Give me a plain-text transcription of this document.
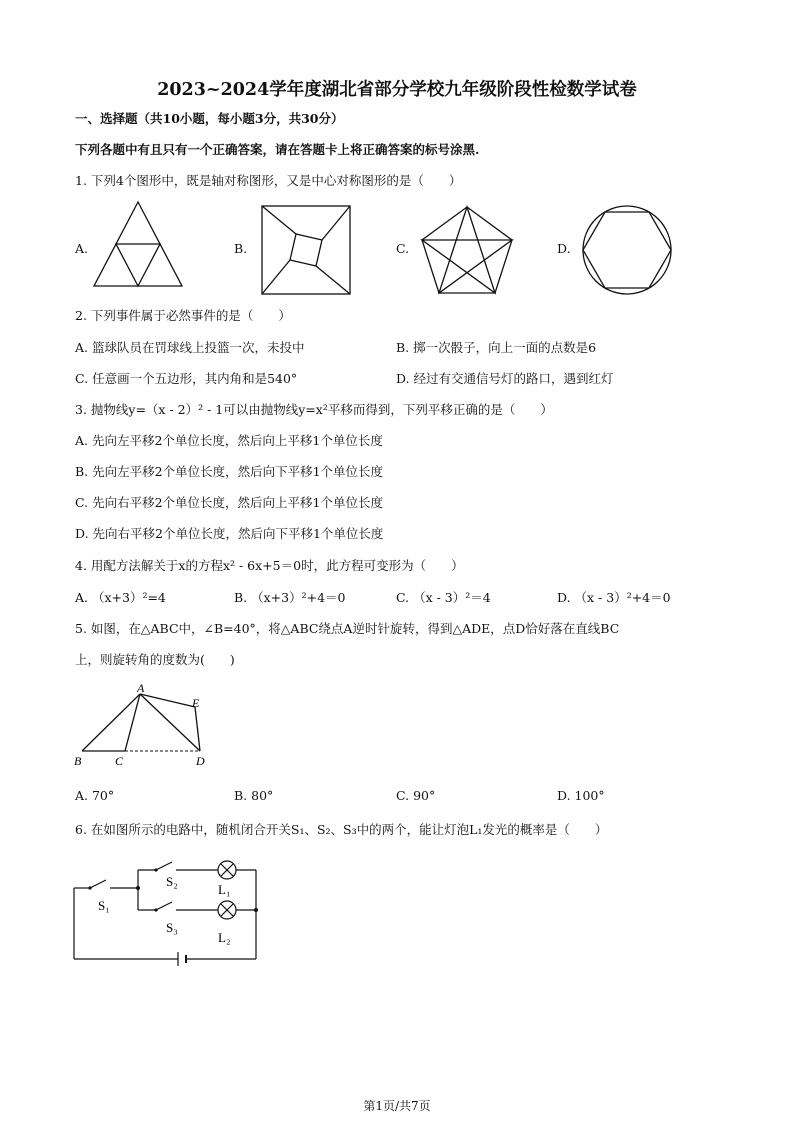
2023~2024学年度湖北省部分学校九年级阶段性检数学试卷
一、选择题（共10小题，每小题3分，共30分）
下列各题中有且只有一个正确答案，请在答题卡上将正确答案的标号涂黑.
1. 下列4个图形中，既是轴对称图形，又是中心对称图形的是（　　）
A.	B.	C.	D.
2. 下列事件属于必然事件的是（　　）
A. 篮球队员在罚球线上投篮一次，未投中	B. 掷一次骰子，向上一面的点数是6
C. 任意画一个五边形，其内角和是540°	D. 经过有交通信号灯的路口，遇到红灯
3. 抛物线y=（x - 2）² - 1可以由抛物线y=x²平移而得到，下列平移正确的是（　　）
A. 先向左平移2个单位长度，然后向上平移1个单位长度
B. 先向左平移2个单位长度，然后向下平移1个单位长度
C. 先向右平移2个单位长度，然后向上平移1个单位长度
D. 先向右平移2个单位长度，然后向下平移1个单位长度
4. 用配方法解关于x的方程x² - 6x+5＝0时，此方程可变形为（　　）
A. （x+3）²=4	B. （x+3）²+4＝0	C. （x - 3）²＝4	D. （x - 3）²+4＝0
5. 如图，在△ABC中，∠B=40°，将△ABC绕点A逆时针旋转，得到△ADE，点D恰好落在直线BC
上，则旋转角的度数为(　　)
A
E
B	C	D
A. 70°	B. 80°	C. 90°	D. 100°
6. 在如图所示的电路中，随机闭合开关S₁、S₂、S₃中的两个，能让灯泡L₁发光的概率是（　　）
S₁
S₂
S₃
L₁
L₂
第1页/共7页
